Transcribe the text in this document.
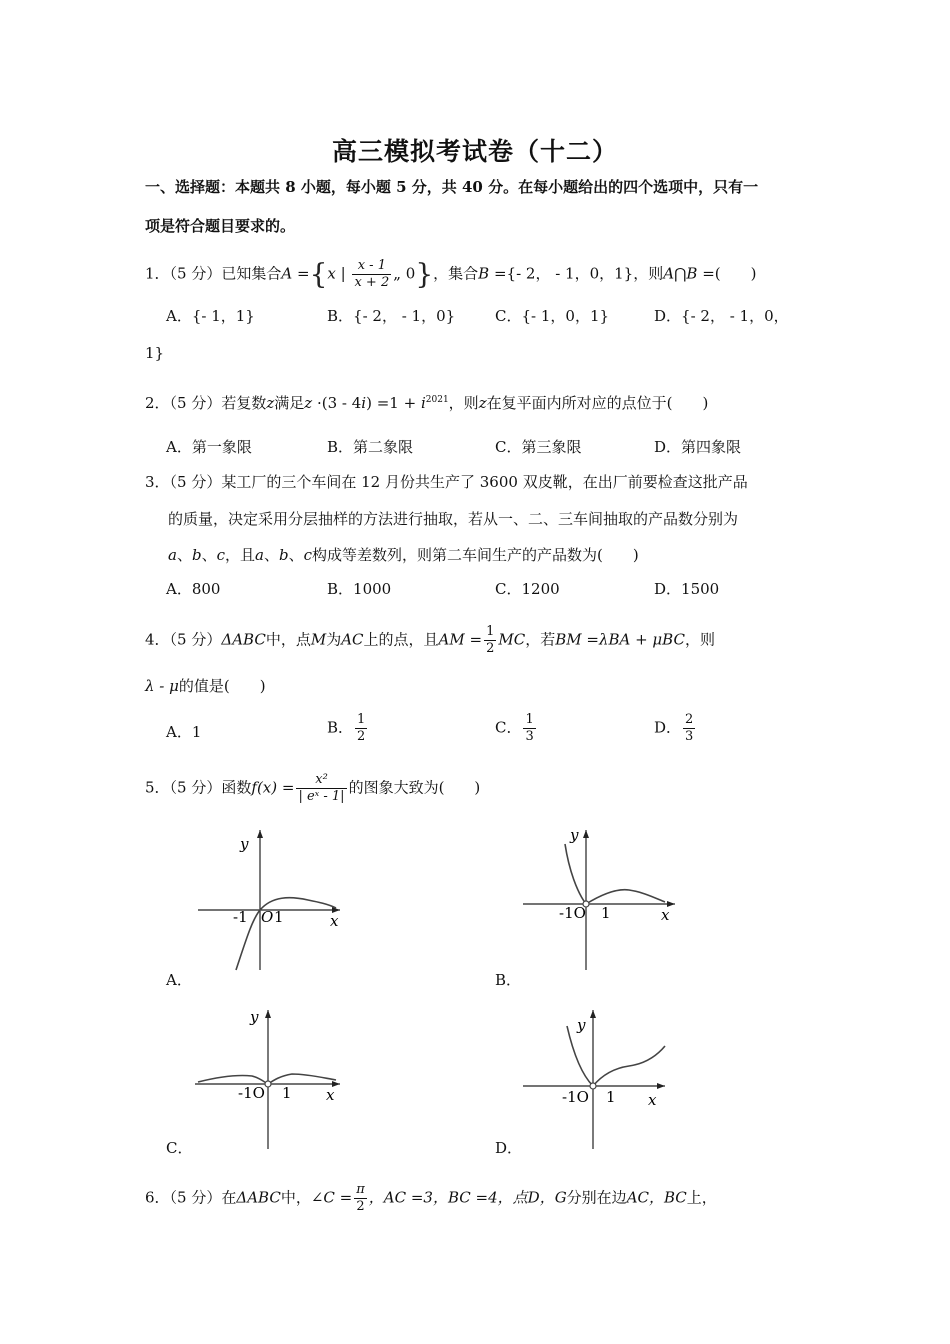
高三模拟考试卷（十二）
一、选择题：本题共 8 小题，每小题 5 分，共 40 分。在每小题给出的四个选项中，只有一
项是符合题目要求的。
1．（5 分）已知集合A ={x | $\frac{x - 1}{x + 2}$ „ 0}，集合B ={- 2， - 1，0，1}，则A⋂B =(　　)
A．{- 1，1}	B．{- 2， - 1，0}	C．{- 1，0，1}	D．{- 2， - 1，0，
1}
2．（5 分）若复数z满足$z \cdot(3 - 4i) =1 + i^{2021}$，则z在复平面内所对应的点位于(　　)
A．第一象限	B．第二象限	C．第三象限	D．第四象限
3．（5 分）某工厂的三个车间在 12 月份共生产了 3600 双皮靴，在出厂前要检查这批产品
的质量，决定采用分层抽样的方法进行抽取，若从一、二、三车间抽取的产品数分别为
a、b、c，且a、b、c构成等差数列，则第二车间生产的产品数为(　　)
A．800	B．1000	C．1200	D．1500
4．（5 分）ΔABC中，点M为AC上的点，且AM = $\frac{1}{2}$ MC，若BM =λBA + μBC，则
λ - μ的值是(　　)
A．1	B． $\frac{1}{2}$	C． $\frac{1}{3}$	D． $\frac{2}{3}$
5．（5 分）函数$f(x) = \frac{\text{x²}}{\text{| eˣ - 1|}}$ 的图象大致为(　　)
y
x
-1 O 1
A．
y
x
-1O 1
B．
y
x
-1O 1
C．
y
x
-1O 1
D．
6．（5 分）在ΔABC中，∠C = $\frac{\pi}{2}$ ，AC =3，BC =4，点D，G分别在边AC，BC上，
